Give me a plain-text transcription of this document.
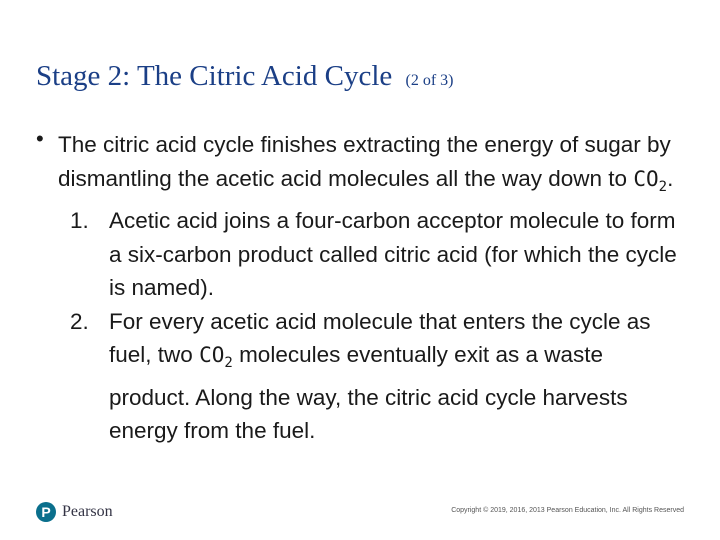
Stage 2: The Citric Acid Cycle (2 of 3)
• The citric acid cycle finishes extracting the energy of sugar by dismantling the acetic acid molecules all the way down to $CO_2$.

1. Acetic acid joins a four-carbon acceptor molecule to form a six-carbon product called citric acid (for which the cycle is named).
2. For every acetic acid molecule that enters the cycle as fuel, two $CO_2$ molecules eventually exit as a waste product. Along the way, the citric acid cycle harvests energy from the fuel.
P Pearson	Copyright © 2019, 2016, 2013 Pearson Education, Inc. All Rights Reserved
